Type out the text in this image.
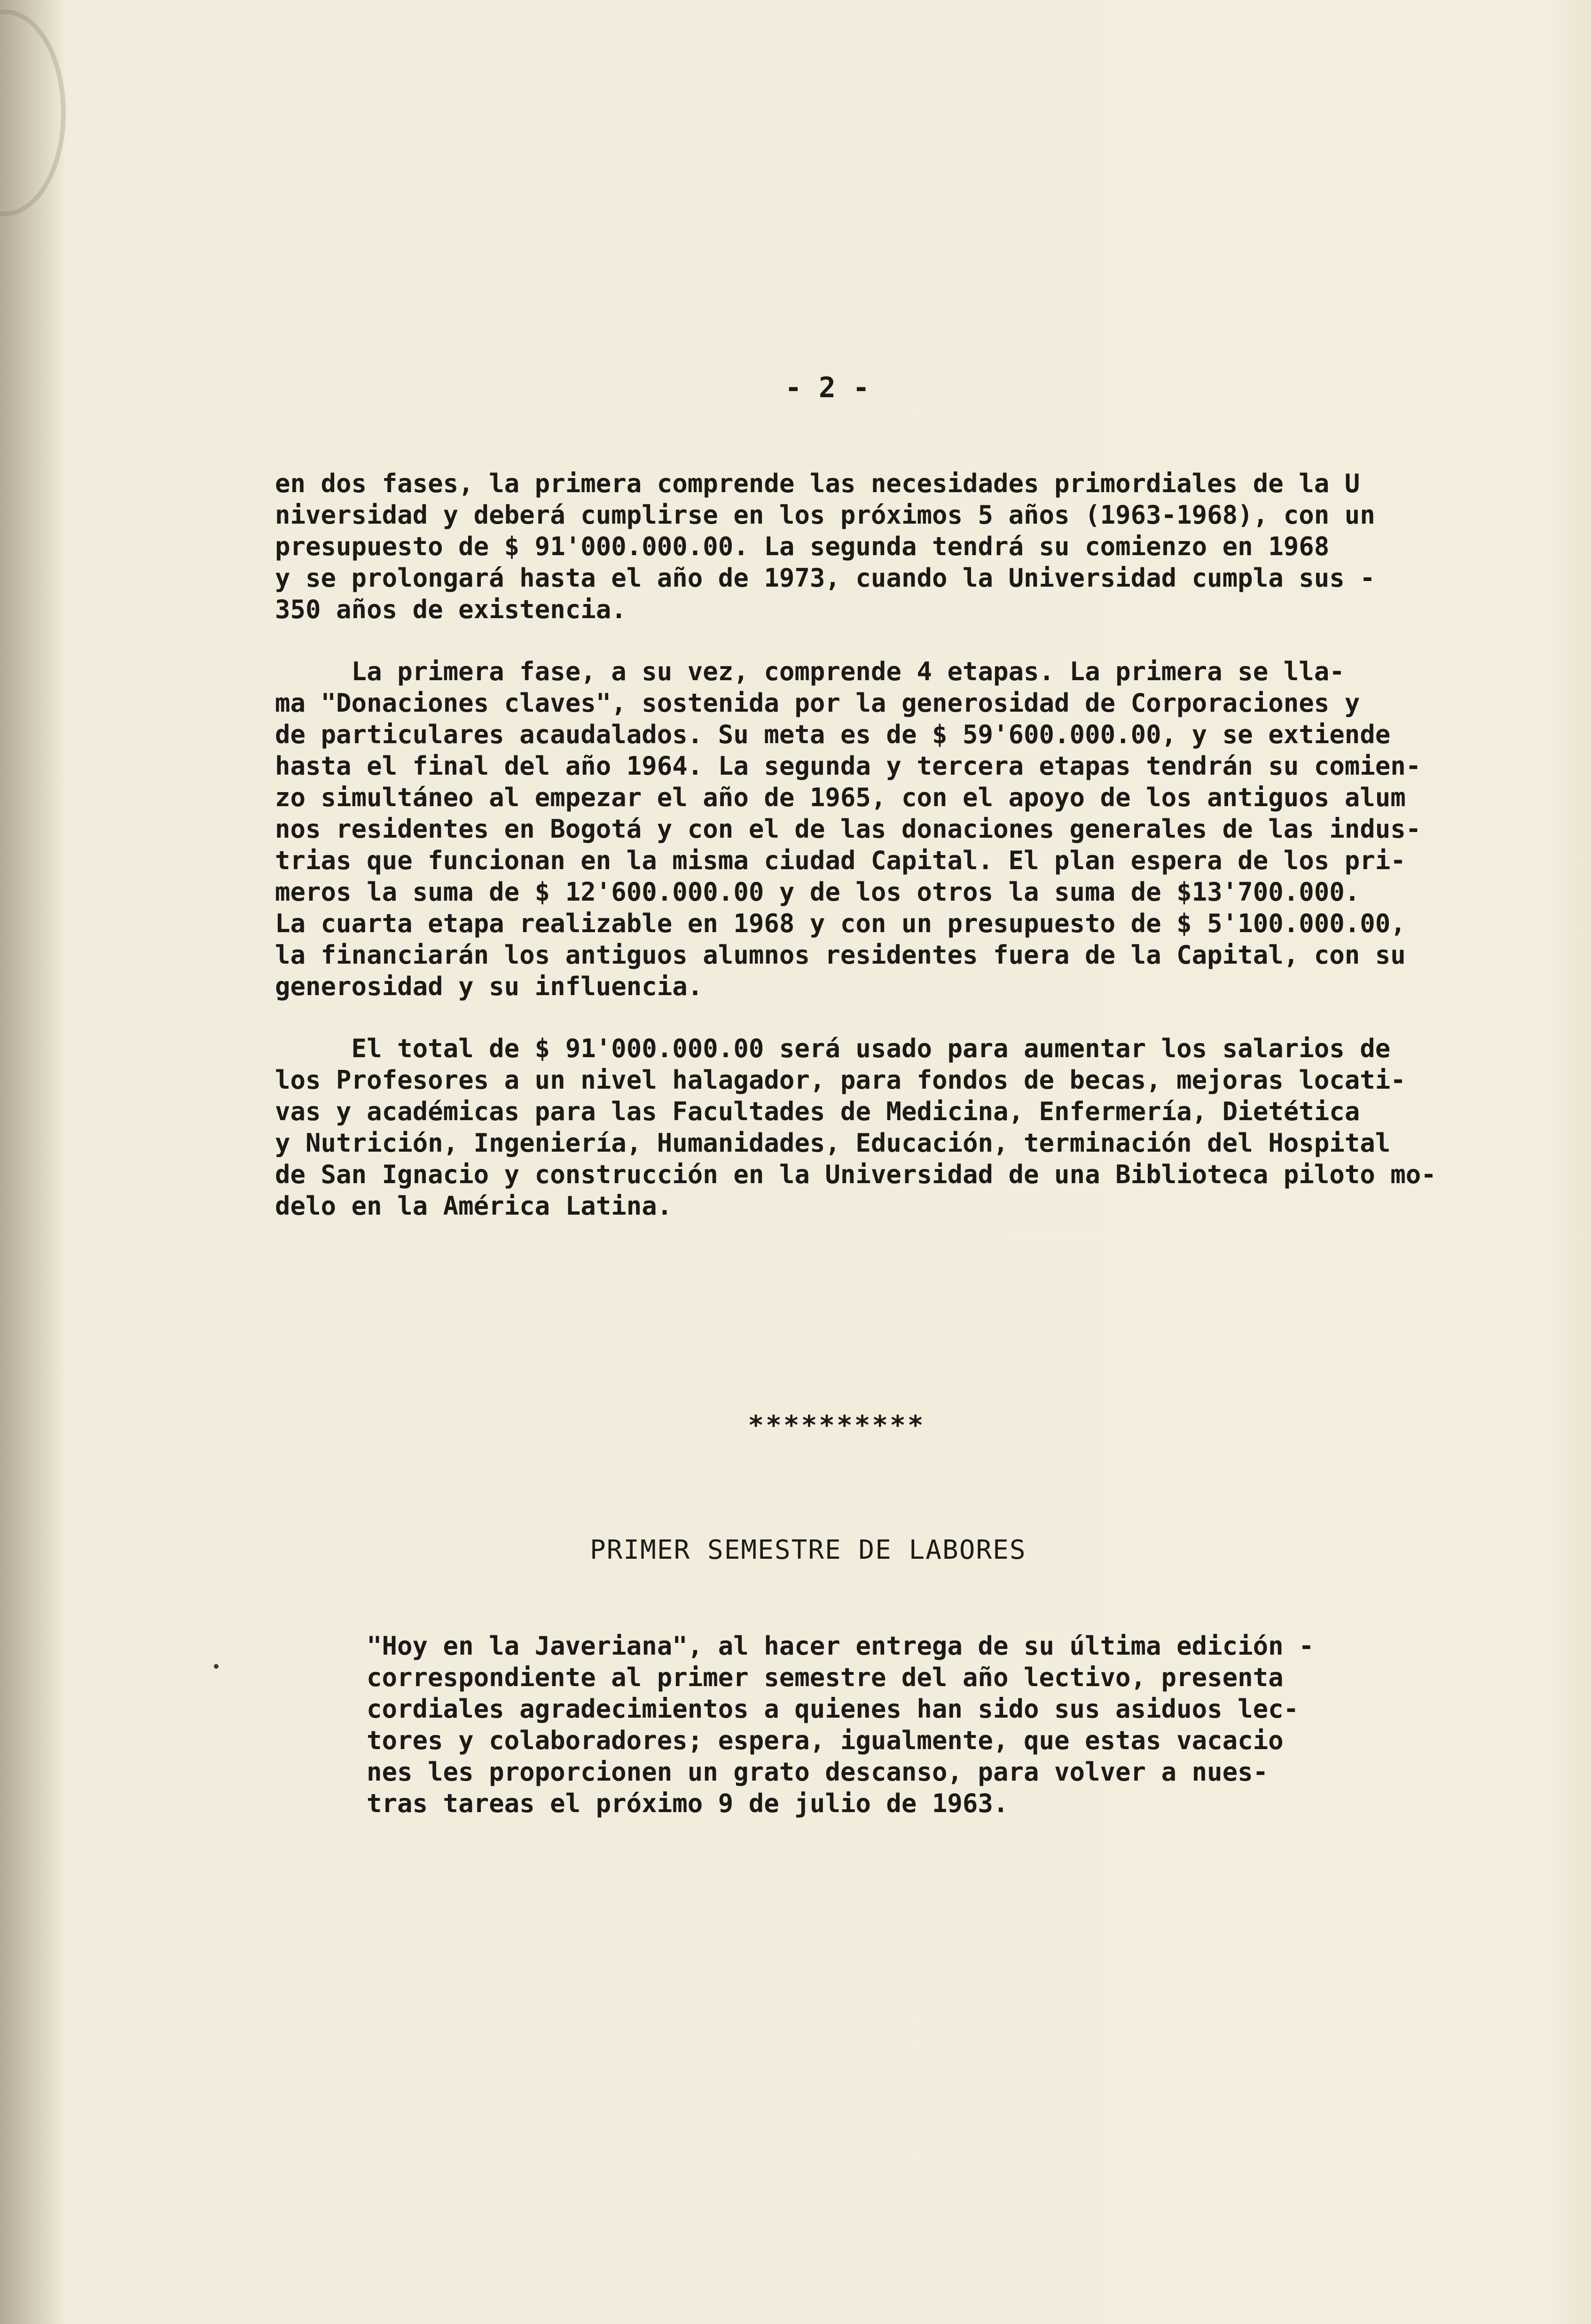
- 2 -
en dos fases, la primera comprende las necesidades primordiales de la U
niversidad y deberá cumplirse en los próximos 5 años (1963-1968), con un
presupuesto de $ 91'000.000.00. La segunda tendrá su comienzo en 1968
y se prolongará hasta el año de 1973, cuando la Universidad cumpla sus -
350 años de existencia.
La primera fase, a su vez, comprende 4 etapas. La primera se lla-
ma "Donaciones claves", sostenida por la generosidad de Corporaciones y
de particulares acaudalados. Su meta es de $ 59'600.000.00, y se extiende
hasta el final del año 1964. La segunda y tercera etapas tendrán su comien-
zo simultáneo al empezar el año de 1965, con el apoyo de los antiguos alum
nos residentes en Bogotá y con el de las donaciones generales de las indus-
trias que funcionan en la misma ciudad Capital. El plan espera de los pri-
meros la suma de $ 12'600.000.00 y de los otros la suma de $13'700.000.
La cuarta etapa realizable en 1968 y con un presupuesto de $ 5'100.000.00,
la financiarán los antiguos alumnos residentes fuera de la Capital, con su
generosidad y su influencia.
El total de $ 91'000.000.00 será usado para aumentar los salarios de
los Profesores a un nivel halagador, para fondos de becas, mejoras locati-
vas y académicas para las Facultades de Medicina, Enfermería, Dietética
y Nutrición, Ingeniería, Humanidades, Educación, terminación del Hospital
de San Ignacio y construcción en la Universidad de una Biblioteca piloto mo-
delo en la América Latina.
**********
PRIMER SEMESTRE DE LABORES
"Hoy en la Javeriana", al hacer entrega de su última edición -
correspondiente al primer semestre del año lectivo, presenta
cordiales agradecimientos a quienes han sido sus asiduos lec-
tores y colaboradores; espera, igualmente, que estas vacacio
nes les proporcionen un grato descanso, para volver a nues-
tras tareas el próximo 9 de julio de 1963.
